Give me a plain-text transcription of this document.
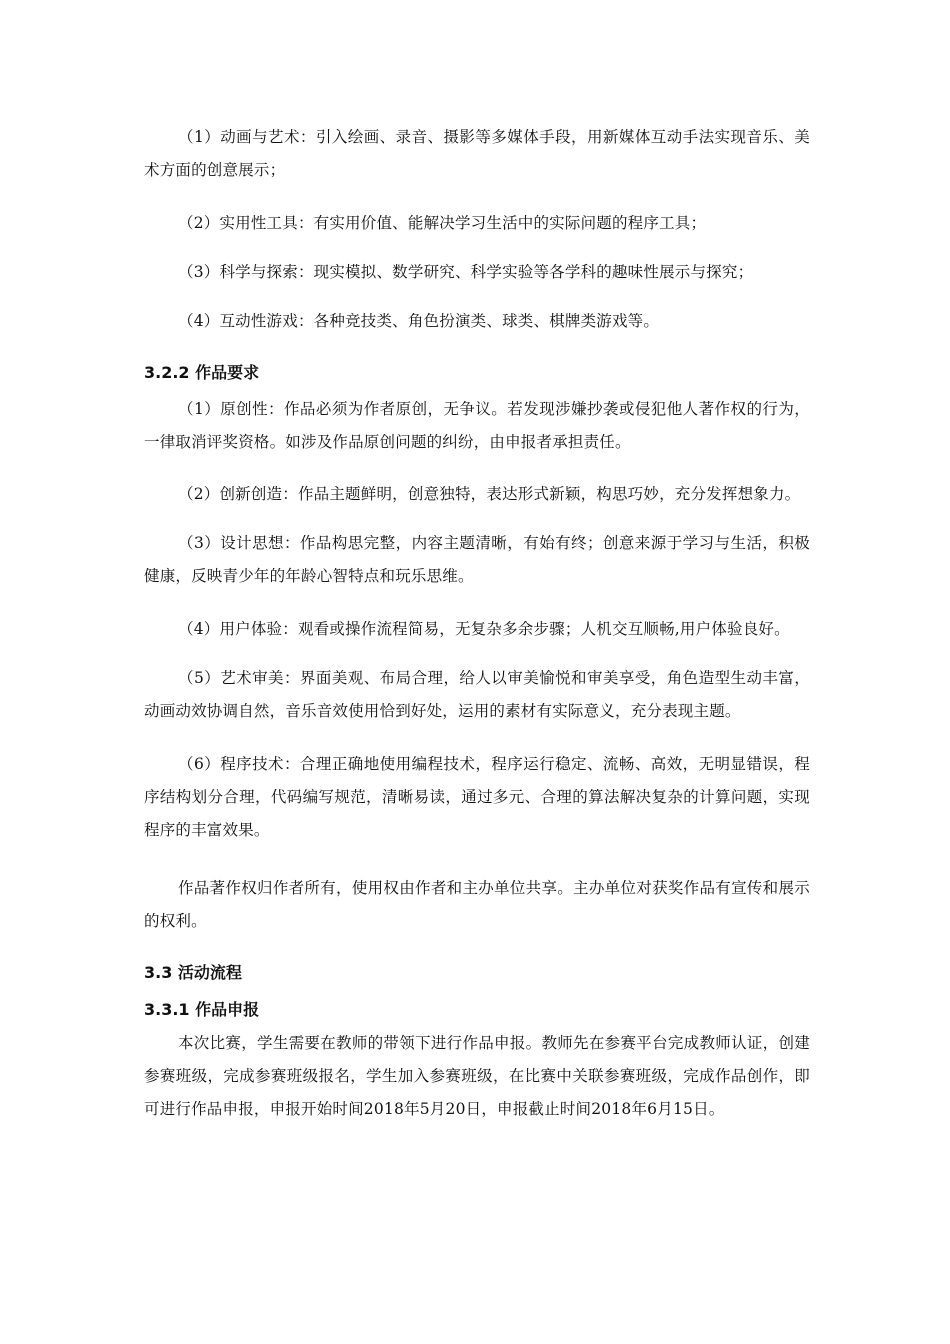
（1）动画与艺术：引入绘画、录音、摄影等多媒体手段，用新媒体互动手法实现音乐、美术方面的创意展示；

（2）实用性工具：有实用价值、能解决学习生活中的实际问题的程序工具；

（3）科学与探索：现实模拟、数学研究、科学实验等各学科的趣味性展示与探究；

（4）互动性游戏：各种竞技类、角色扮演类、球类、棋牌类游戏等。

3.2.2 作品要求

（1）原创性：作品必须为作者原创，无争议。若发现涉嫌抄袭或侵犯他人著作权的行为，一律取消评奖资格。如涉及作品原创问题的纠纷，由申报者承担责任。

（2）创新创造：作品主题鲜明，创意独特，表达形式新颖，构思巧妙，充分发挥想象力。

（3）设计思想：作品构思完整，内容主题清晰，有始有终；创意来源于学习与生活，积极健康，反映青少年的年龄心智特点和玩乐思维。

（4）用户体验：观看或操作流程简易，无复杂多余步骤；人机交互顺畅,用户体验良好。

（5）艺术审美：界面美观、布局合理，给人以审美愉悦和审美享受，角色造型生动丰富，动画动效协调自然，音乐音效使用恰到好处，运用的素材有实际意义，充分表现主题。

（6）程序技术：合理正确地使用编程技术，程序运行稳定、流畅、高效，无明显错误，程序结构划分合理，代码编写规范，清晰易读，通过多元、合理的算法解决复杂的计算问题，实现程序的丰富效果。

作品著作权归作者所有，使用权由作者和主办单位共享。主办单位对获奖作品有宣传和展示的权利。

3.3 活动流程
3.3.1 作品申报

本次比赛，学生需要在教师的带领下进行作品申报。教师先在参赛平台完成教师认证，创建参赛班级，完成参赛班级报名，学生加入参赛班级，在比赛中关联参赛班级，完成作品创作，即可进行作品申报，申报开始时间2018年5月20日，申报截止时间2018年6月15日。
